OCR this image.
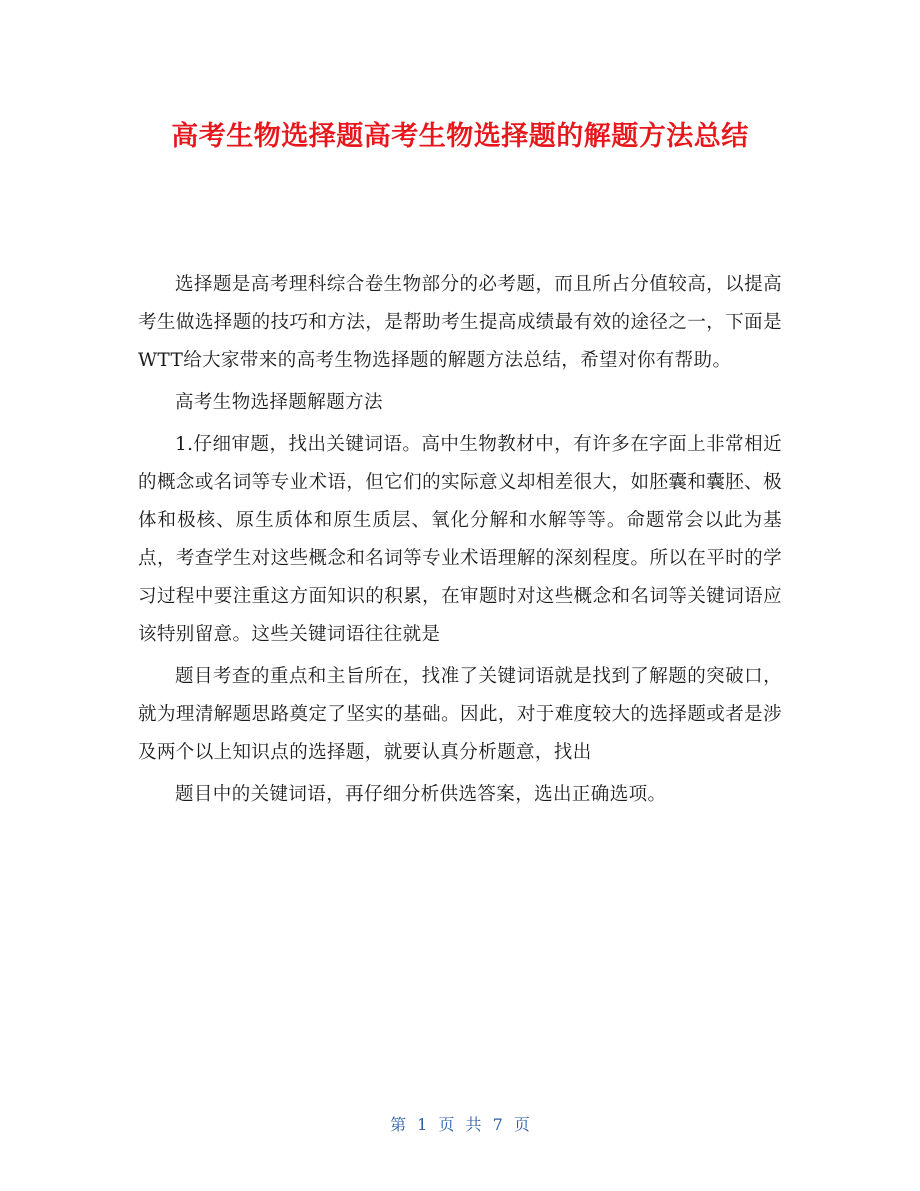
高考生物选择题高考生物选择题的解题方法总结

选择题是高考理科综合卷生物部分的必考题，而且所占分值较高，以提高考生做选择题的技巧和方法，是帮助考生提高成绩最有效的途径之一，下面是WTT给大家带来的高考生物选择题的解题方法总结，希望对你有帮助。

高考生物选择题解题方法

1.仔细审题，找出关键词语。高中生物教材中，有许多在字面上非常相近的概念或名词等专业术语，但它们的实际意义却相差很大，如胚囊和囊胚、极体和极核、原生质体和原生质层、氧化分解和水解等等。命题常会以此为基点，考查学生对这些概念和名词等专业术语理解的深刻程度。所以在平时的学习过程中要注重这方面知识的积累，在审题时对这些概念和名词等关键词语应该特别留意。这些关键词语往往就是

题目考查的重点和主旨所在，找准了关键词语就是找到了解题的突破口，就为理清解题思路奠定了坚实的基础。因此，对于难度较大的选择题或者是涉及两个以上知识点的选择题，就要认真分析题意，找出

题目中的关键词语，再仔细分析供选答案，选出正确选项。

第 1 页 共 7 页
